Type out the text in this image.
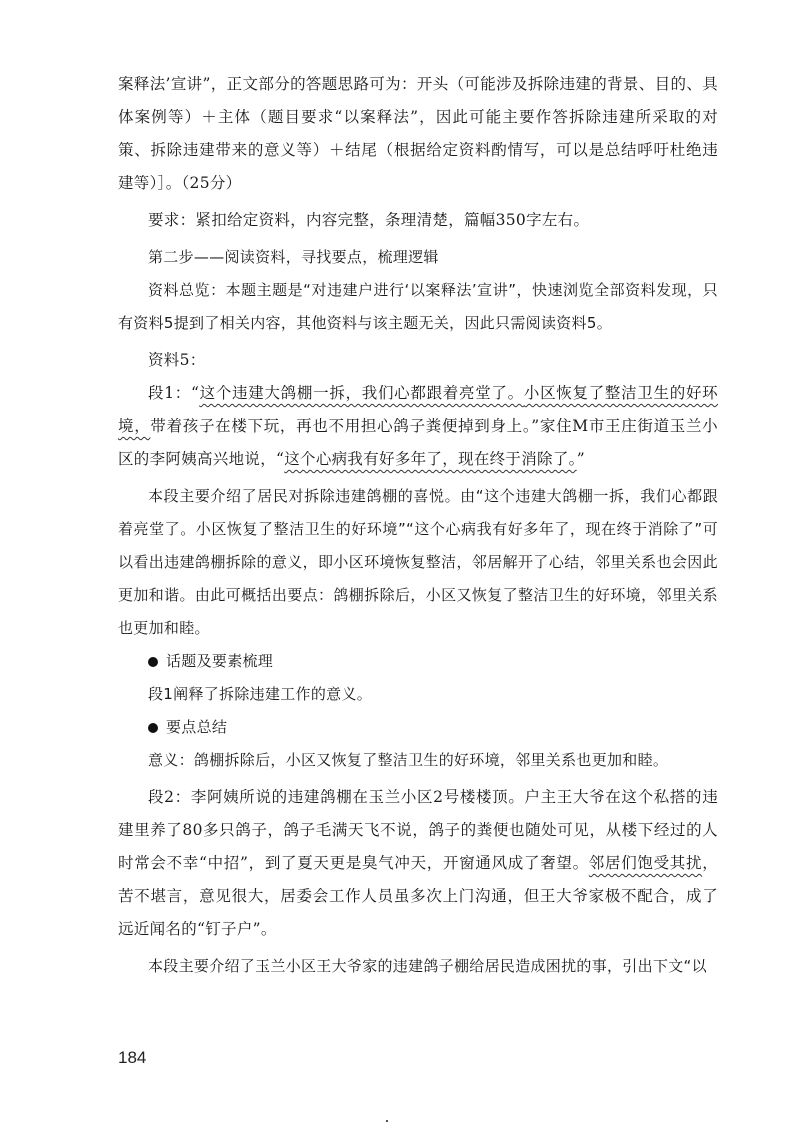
案释法’宣讲”，正文部分的答题思路可为：开头（可能涉及拆除违建的背景、目的、具体案例等）＋主体（题目要求“以案释法”，因此可能主要作答拆除违建所采取的对策、拆除违建带来的意义等）＋结尾（根据给定资料酌情写，可以是总结呼吁杜绝违建等）］。（25分）

要求：紧扣给定资料，内容完整，条理清楚，篇幅350字左右。

第二步——阅读资料，寻找要点，梳理逻辑

资料总览：本题主题是“对违建户进行‘以案释法’宣讲”，快速浏览全部资料发现，只有资料5提到了相关内容，其他资料与该主题无关，因此只需阅读资料5。

资料5：

段1：“这个违建大鸽棚一拆，我们心都跟着亮堂了。小区恢复了整洁卫生的好环境，带着孩子在楼下玩，再也不用担心鸽子粪便掉到身上。”家住M市王庄街道玉兰小区的李阿姨高兴地说，“这个心病我有好多年了，现在终于消除了。”

本段主要介绍了居民对拆除违建鸽棚的喜悦。由“这个违建大鸽棚一拆，我们心都跟着亮堂了。小区恢复了整洁卫生的好环境”“这个心病我有好多年了，现在终于消除了”可以看出违建鸽棚拆除的意义，即小区环境恢复整洁，邻居解开了心结，邻里关系也会因此更加和谐。由此可概括出要点：鸽棚拆除后，小区又恢复了整洁卫生的好环境，邻里关系也更加和睦。

话题及要素梳理

段1阐释了拆除违建工作的意义。

要点总结

意义：鸽棚拆除后，小区又恢复了整洁卫生的好环境，邻里关系也更加和睦。

段2：李阿姨所说的违建鸽棚在玉兰小区2号楼楼顶。户主王大爷在这个私搭的违建里养了80多只鸽子，鸽子毛满天飞不说，鸽子的粪便也随处可见，从楼下经过的人时常会不幸“中招”，到了夏天更是臭气冲天，开窗通风成了奢望。邻居们饱受其扰，苦不堪言，意见很大，居委会工作人员虽多次上门沟通，但王大爷家极不配合，成了远近闻名的“钉子户”。

本段主要介绍了玉兰小区王大爷家的违建鸽子棚给居民造成困扰的事，引出下文“以

184
